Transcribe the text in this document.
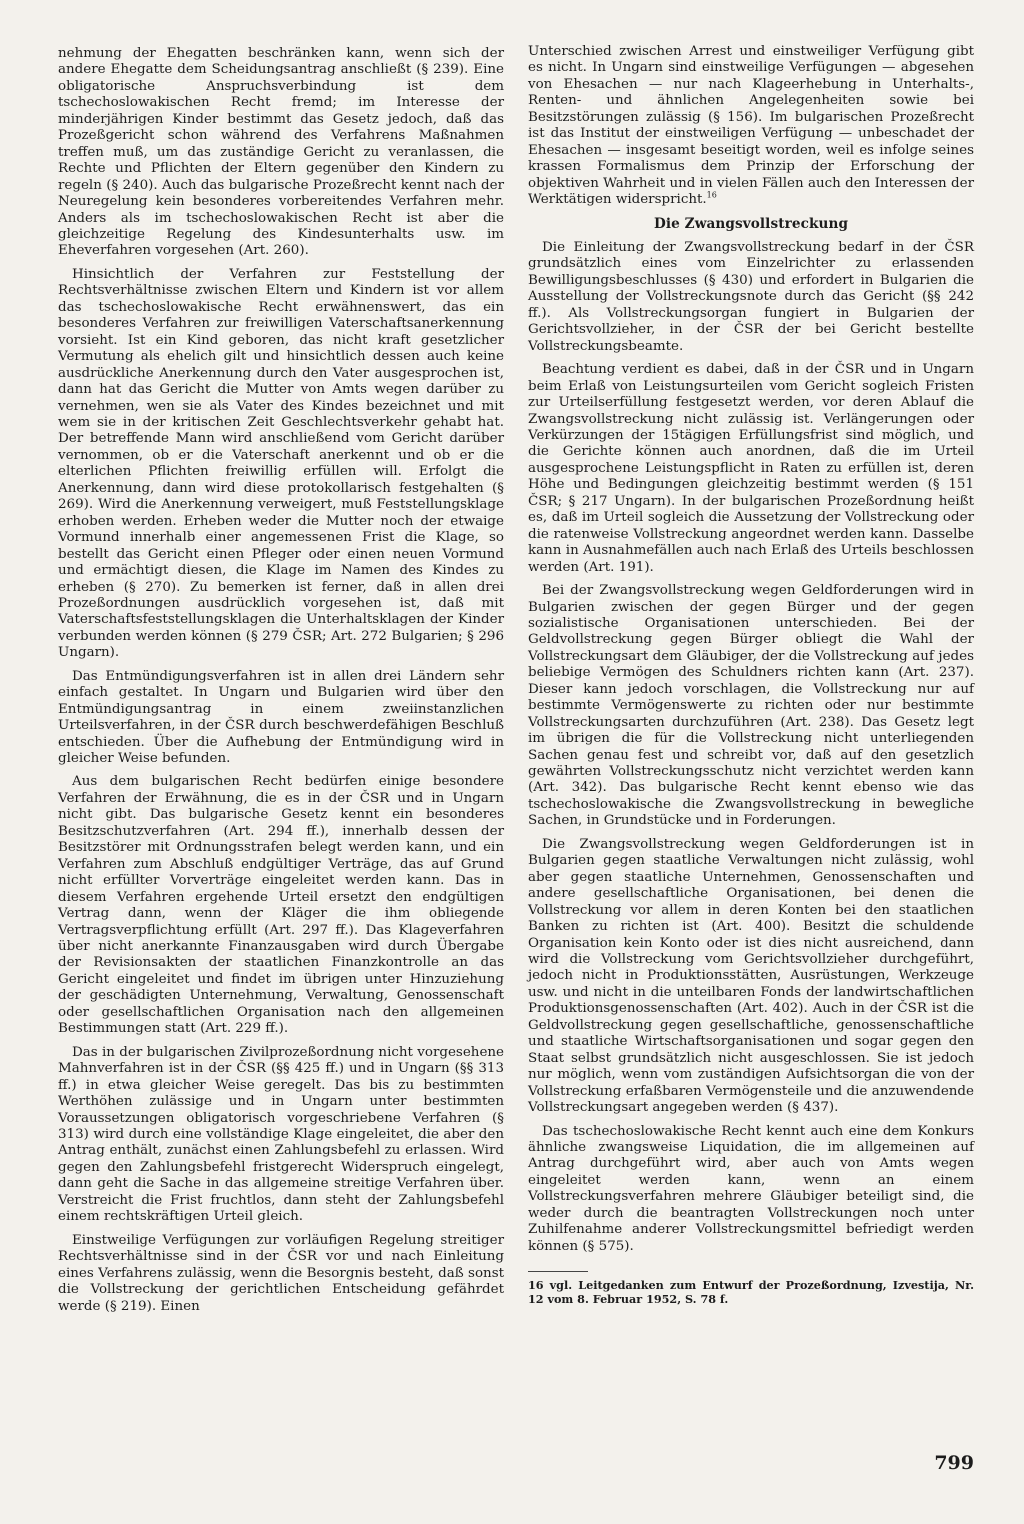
nehmung der Ehegatten beschränken kann, wenn sich der andere Ehegatte dem Scheidungsantrag anschließt (§ 239). Eine obligatorische Anspruchsverbindung ist dem tschechoslowakischen Recht fremd; im Interesse der minderjährigen Kinder bestimmt das Gesetz jedoch, daß das Prozeßgericht schon während des Verfahrens Maßnahmen treffen muß, um das zuständige Gericht zu veranlassen, die Rechte und Pflichten der Eltern gegenüber den Kindern zu regeln (§ 240). Auch das bulgarische Prozeßrecht kennt nach der Neuregelung kein besonderes vorbereitendes Verfahren mehr. Anders als im tschechoslowakischen Recht ist aber die gleichzeitige Regelung des Kindesunterhalts usw. im Eheverfahren vorgesehen (Art. 260).

Hinsichtlich der Verfahren zur Feststellung der Rechtsverhältnisse zwischen Eltern und Kindern ist vor allem das tschechoslowakische Recht erwähnenswert, das ein besonderes Verfahren zur freiwilligen Vaterschaftsanerkennung vorsieht. Ist ein Kind geboren, das nicht kraft gesetzlicher Vermutung als ehelich gilt und hinsichtlich dessen auch keine ausdrückliche Anerkennung durch den Vater ausgesprochen ist, dann hat das Gericht die Mutter von Amts wegen darüber zu vernehmen, wen sie als Vater des Kindes bezeichnet und mit wem sie in der kritischen Zeit Geschlechtsverkehr gehabt hat. Der betreffende Mann wird anschließend vom Gericht darüber vernommen, ob er die Vaterschaft anerkennt und ob er die elterlichen Pflichten freiwillig erfüllen will. Erfolgt die Anerkennung, dann wird diese protokollarisch festgehalten (§ 269). Wird die Anerkennung verweigert, muß Feststellungsklage erhoben werden. Erheben weder die Mutter noch der etwaige Vormund innerhalb einer angemessenen Frist die Klage, so bestellt das Gericht einen Pfleger oder einen neuen Vormund und ermächtigt diesen, die Klage im Namen des Kindes zu erheben (§ 270). Zu bemerken ist ferner, daß in allen drei Prozeßordnungen ausdrücklich vorgesehen ist, daß mit Vaterschaftsfeststellungsklagen die Unterhaltsklagen der Kinder verbunden werden können (§ 279 ČSR; Art. 272 Bulgarien; § 296 Ungarn).

Das Entmündigungsverfahren ist in allen drei Ländern sehr einfach gestaltet. In Ungarn und Bulgarien wird über den Entmündigungsantrag in einem zweiinstanzlichen Urteilsverfahren, in der ČSR durch beschwerdefähigen Beschluß entschieden. Über die Aufhebung der Entmündigung wird in gleicher Weise befunden.

Aus dem bulgarischen Recht bedürfen einige besondere Verfahren der Erwähnung, die es in der ČSR und in Ungarn nicht gibt. Das bulgarische Gesetz kennt ein besonderes Besitzschutzverfahren (Art. 294 ff.), innerhalb dessen der Besitzstörer mit Ordnungsstrafen belegt werden kann, und ein Verfahren zum Abschluß endgültiger Verträge, das auf Grund nicht erfüllter Vorverträge eingeleitet werden kann. Das in diesem Verfahren ergehende Urteil ersetzt den endgültigen Vertrag dann, wenn der Kläger die ihm obliegende Vertragsverpflichtung erfüllt (Art. 297 ff.). Das Klageverfahren über nicht anerkannte Finanzausgaben wird durch Übergabe der Revisionsakten der staatlichen Finanzkontrolle an das Gericht eingeleitet und findet im übrigen unter Hinzuziehung der geschädigten Unternehmung, Verwaltung, Genossenschaft oder gesellschaftlichen Organisation nach den allgemeinen Bestimmungen statt (Art. 229 ff.).

Das in der bulgarischen Zivilprozeßordnung nicht vorgesehene Mahnverfahren ist in der ČSR (§§ 425 ff.) und in Ungarn (§§ 313 ff.) in etwa gleicher Weise geregelt. Das bis zu bestimmten Werthöhen zulässige und in Ungarn unter bestimmten Voraussetzungen obligatorisch vorgeschriebene Verfahren (§ 313) wird durch eine vollständige Klage eingeleitet, die aber den Antrag enthält, zunächst einen Zahlungsbefehl zu erlassen. Wird gegen den Zahlungsbefehl fristgerecht Widerspruch eingelegt, dann geht die Sache in das allgemeine streitige Verfahren über. Verstreicht die Frist fruchtlos, dann steht der Zahlungsbefehl einem rechtskräftigen Urteil gleich.

Einstweilige Verfügungen zur vorläufigen Regelung streitiger Rechtsverhältnisse sind in der ČSR vor und nach Einleitung eines Verfahrens zulässig, wenn die Besorgnis besteht, daß sonst die Vollstreckung der gerichtlichen Entscheidung gefährdet werde (§ 219). Einen

Unterschied zwischen Arrest und einstweiliger Verfügung gibt es nicht. In Ungarn sind einstweilige Verfügungen — abgesehen von Ehesachen — nur nach Klageerhebung in Unterhalts-, Renten- und ähnlichen Angelegenheiten sowie bei Besitzstörungen zulässig (§ 156). Im bulgarischen Prozeßrecht ist das Institut der einstweiligen Verfügung — unbeschadet der Ehesachen — insgesamt beseitigt worden, weil es infolge seines krassen Formalismus dem Prinzip der Erforschung der objektiven Wahrheit und in vielen Fällen auch den Interessen der Werktätigen widerspricht.$^{16}$

Die Zwangsvollstreckung

Die Einleitung der Zwangsvollstreckung bedarf in der ČSR grundsätzlich eines vom Einzelrichter zu erlassenden Bewilligungsbeschlusses (§ 430) und erfordert in Bulgarien die Ausstellung der Vollstreckungsnote durch das Gericht (§§ 242 ff.). Als Vollstreckungsorgan fungiert in Bulgarien der Gerichtsvollzieher, in der ČSR der bei Gericht bestellte Vollstreckungsbeamte.

Beachtung verdient es dabei, daß in der ČSR und in Ungarn beim Erlaß von Leistungsurteilen vom Gericht sogleich Fristen zur Urteilserfüllung festgesetzt werden, vor deren Ablauf die Zwangsvollstreckung nicht zulässig ist. Verlängerungen oder Verkürzungen der 15tägigen Erfüllungsfrist sind möglich, und die Gerichte können auch anordnen, daß die im Urteil ausgesprochene Leistungspflicht in Raten zu erfüllen ist, deren Höhe und Bedingungen gleichzeitig bestimmt werden (§ 151 ČSR; § 217 Ungarn). In der bulgarischen Prozeßordnung heißt es, daß im Urteil sogleich die Aussetzung der Vollstreckung oder die ratenweise Vollstreckung angeordnet werden kann. Dasselbe kann in Ausnahmefällen auch nach Erlaß des Urteils beschlossen werden (Art. 191).

Bei der Zwangsvollstreckung wegen Geldforderungen wird in Bulgarien zwischen der gegen Bürger und der gegen sozialistische Organisationen unterschieden. Bei der Geldvollstreckung gegen Bürger obliegt die Wahl der Vollstreckungsart dem Gläubiger, der die Vollstreckung auf jedes beliebige Vermögen des Schuldners richten kann (Art. 237). Dieser kann jedoch vorschlagen, die Vollstreckung nur auf bestimmte Vermögenswerte zu richten oder nur bestimmte Vollstreckungsarten durchzuführen (Art. 238). Das Gesetz legt im übrigen die für die Vollstreckung nicht unterliegenden Sachen genau fest und schreibt vor, daß auf den gesetzlich gewährten Vollstreckungsschutz nicht verzichtet werden kann (Art. 342). Das bulgarische Recht kennt ebenso wie das tschechoslowakische die Zwangsvollstreckung in bewegliche Sachen, in Grundstücke und in Forderungen.

Die Zwangsvollstreckung wegen Geldforderungen ist in Bulgarien gegen staatliche Verwaltungen nicht zulässig, wohl aber gegen staatliche Unternehmen, Genossenschaften und andere gesellschaftliche Organisationen, bei denen die Vollstreckung vor allem in deren Konten bei den staatlichen Banken zu richten ist (Art. 400). Besitzt die schuldende Organisation kein Konto oder ist dies nicht ausreichend, dann wird die Vollstreckung vom Gerichtsvollzieher durchgeführt, jedoch nicht in Produktionsstätten, Ausrüstungen, Werkzeuge usw. und nicht in die unteilbaren Fonds der landwirtschaftlichen Produktionsgenossenschaften (Art. 402). Auch in der ČSR ist die Geldvollstreckung gegen gesellschaftliche, genossenschaftliche und staatliche Wirtschaftsorganisationen und sogar gegen den Staat selbst grundsätzlich nicht ausgeschlossen. Sie ist jedoch nur möglich, wenn vom zuständigen Aufsichtsorgan die von der Vollstreckung erfaßbaren Vermögensteile und die anzuwendende Vollstreckungsart angegeben werden (§ 437).

Das tschechoslowakische Recht kennt auch eine dem Konkurs ähnliche zwangsweise Liquidation, die im allgemeinen auf Antrag durchgeführt wird, aber auch von Amts wegen eingeleitet werden kann, wenn an einem Vollstreckungsverfahren mehrere Gläubiger beteiligt sind, die weder durch die beantragten Vollstreckungen noch unter Zuhilfenahme anderer Vollstreckungsmittel befriedigt werden können (§ 575).

16 vgl. Leitgedanken zum Entwurf der Prozeßordnung, Izvestija, Nr. 12 vom 8. Februar 1952, S. 78 f.
799
